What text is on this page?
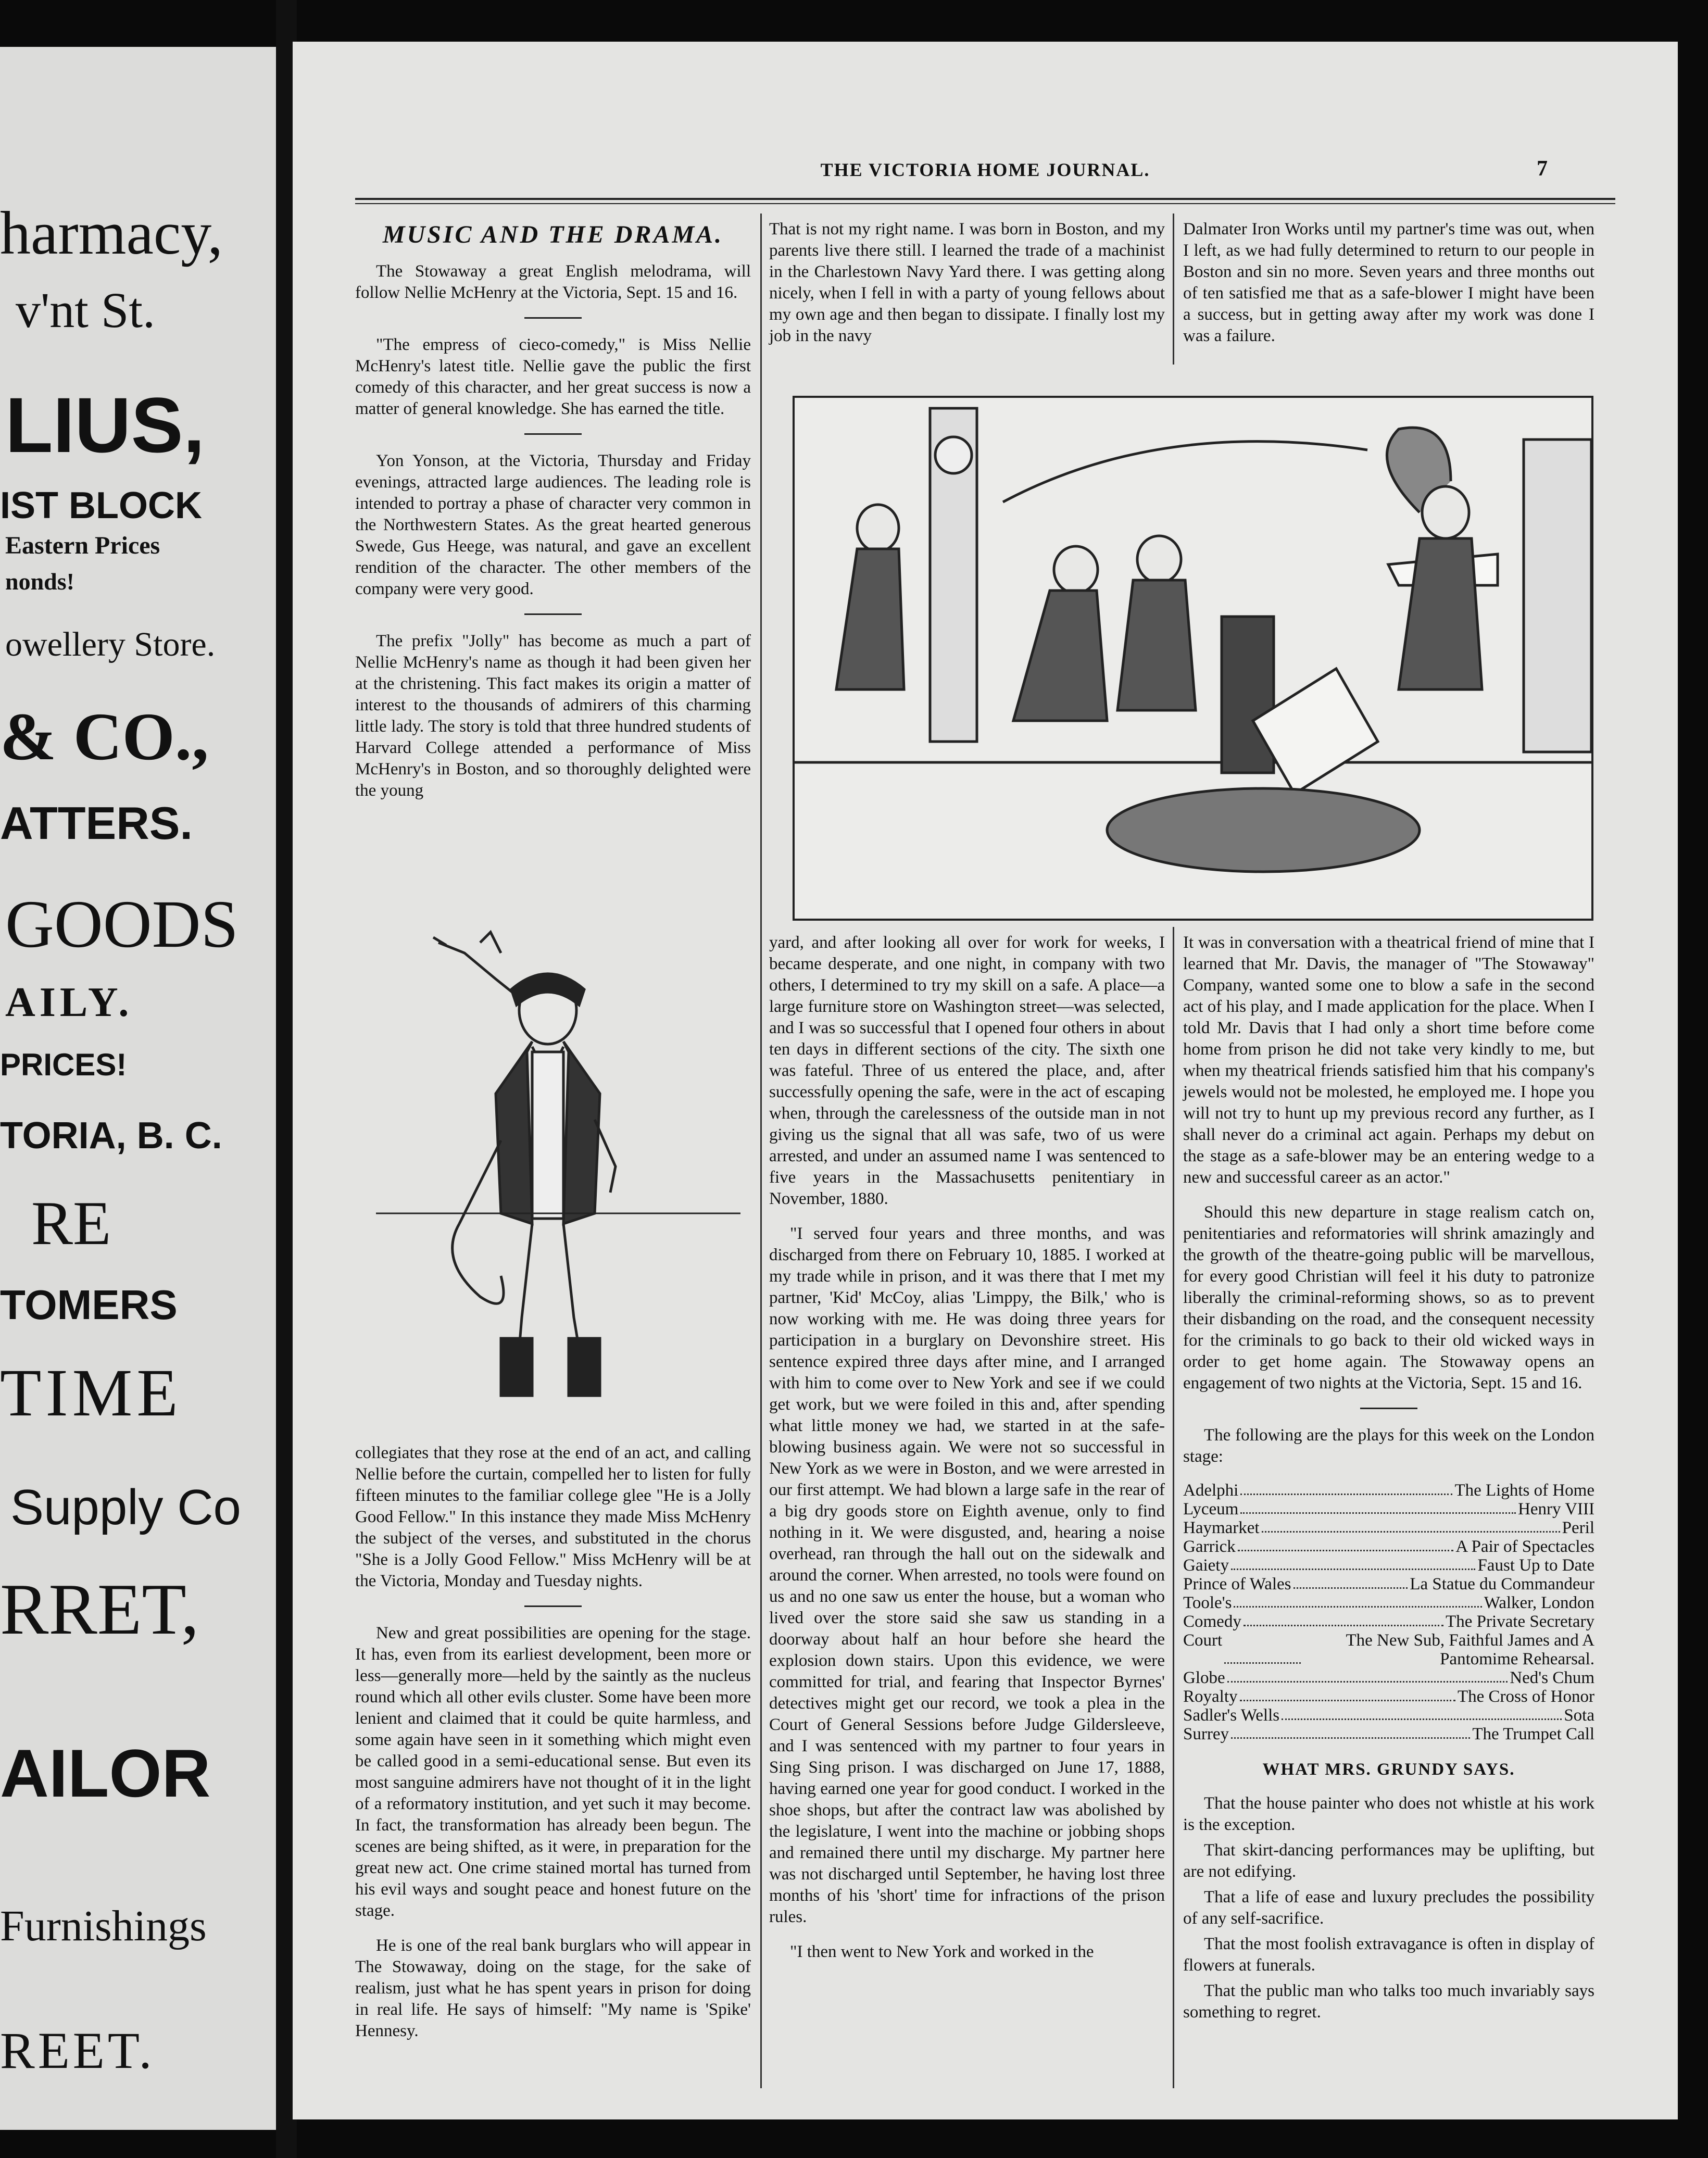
harmacy,
v'nt St.
LIUS,
IST BLOCK
Eastern Prices
nonds!
owellery Store.
& CO.,
ATTERS.
GOODS
AILY.
PRICES!
TORIA, B. C.
RE
TOMERS
TIME
Supply Co
RRET,
AILOR
Furnishings
REET.
THE VICTORIA HOME JOURNAL.	7
MUSIC AND THE DRAMA.

The Stowaway a great English melodrama, will follow Nellie McHenry at the Victoria, Sept. 15 and 16.

"The empress of cieco-comedy," is Miss Nellie McHenry's latest title. Nellie gave the public the first comedy of this character, and her great success is now a matter of general knowledge. She has earned the title.

Yon Yonson, at the Victoria, Thursday and Friday evenings, attracted large audiences. The leading role is intended to portray a phase of character very common in the Northwestern States. As the great hearted generous Swede, Gus Heege, was natural, and gave an excellent rendition of the character. The other members of the company were very good.

The prefix "Jolly" has become as much a part of Nellie McHenry's name as though it had been given her at the christening. This fact makes its origin a matter of interest to the thousands of admirers of this charming little lady. The story is told that three hundred students of Harvard College attended a performance of Miss McHenry's in Boston, and so thoroughly delighted were the young

collegiates that they rose at the end of an act, and calling Nellie before the curtain, compelled her to listen for fully fifteen minutes to the familiar college glee "He is a Jolly Good Fellow." In this instance they made Miss McHenry the subject of the verses, and substituted in the chorus "She is a Jolly Good Fellow." Miss McHenry will be at the Victoria, Monday and Tuesday nights.

New and great possibilities are opening for the stage. It has, even from its earliest development, been more or less—generally more—held by the saintly as the nucleus round which all other evils cluster. Some have been more lenient and claimed that it could be quite harmless, and some again have seen in it something which might even be called good in a semi-educational sense. But even its most sanguine admirers have not thought of it in the light of a reformatory institution, and yet such it may become. In fact, the transformation has already been begun. The scenes are being shifted, as it were, in preparation for the great new act. One crime stained mortal has turned from his evil ways and sought peace and honest future on the stage.

He is one of the real bank burglars who will appear in The Stowaway, doing on the stage, for the sake of realism, just what he has spent years in prison for doing in real life. He says of himself: "My name is 'Spike' Hennesy.

That is not my right name. I was born in Boston, and my parents live there still. I learned the trade of a machinist in the Charlestown Navy Yard there. I was getting along nicely, when I fell in with a party of young fellows about my own age and then began to dissipate. I finally lost my job in the navy

Dalmater Iron Works until my partner's time was out, when I left, as we had fully determined to return to our people in Boston and sin no more. Seven years and three months out of ten satisfied me that as a safe-blower I might have been a success, but in getting away after my work was done I was a failure.

yard, and after looking all over for work for weeks, I became desperate, and one night, in company with two others, I determined to try my skill on a safe. A place—a large furniture store on Washington street—was selected, and I was so successful that I opened four others in about ten days in different sections of the city. The sixth one was fateful. Three of us entered the place, and, after successfully opening the safe, were in the act of escaping when, through the carelessness of the outside man in not giving us the signal that all was safe, two of us were arrested, and under an assumed name I was sentenced to five years in the Massachusetts penitentiary in November, 1880.

"I served four years and three months, and was discharged from there on February 10, 1885. I worked at my trade while in prison, and it was there that I met my partner, 'Kid' McCoy, alias 'Limppy, the Bilk,' who is now working with me. He was doing three years for participation in a burglary on Devonshire street. His sentence expired three days after mine, and I arranged with him to come over to New York and see if we could get work, but we were foiled in this and, after spending what little money we had, we started in at the safe-blowing business again. We were not so successful in New York as we were in Boston, and we were arrested in our first attempt. We had blown a large safe in the rear of a big dry goods store on Eighth avenue, only to find nothing in it. We were disgusted, and, hearing a noise overhead, ran through the hall out on the sidewalk and around the corner. When arrested, no tools were found on us and no one saw us enter the house, but a woman who lived over the store said she saw us standing in a doorway about half an hour before she heard the explosion down stairs. Upon this evidence, we were committed for trial, and fearing that Inspector Byrnes' detectives might get our record, we took a plea in the Court of General Sessions before Judge Gildersleeve, and I was sentenced with my partner to four years in Sing Sing prison. I was discharged on June 17, 1888, having earned one year for good conduct. I worked in the shoe shops, but after the contract law was abolished by the legislature, I went into the machine or jobbing shops and remained there until my discharge. My partner here was not discharged until September, he having lost three months of his 'short' time for infractions of the prison rules.

"I then went to New York and worked in the

It was in conversation with a theatrical friend of mine that I learned that Mr. Davis, the manager of "The Stowaway" Company, wanted some one to blow a safe in the second act of his play, and I made application for the place. When I told Mr. Davis that I had only a short time before come home from prison he did not take very kindly to me, but when my theatrical friends satisfied him that his company's jewels would not be molested, he employed me. I hope you will not try to hunt up my previous record any further, as I shall never do a criminal act again. Perhaps my debut on the stage as a safe-blower may be an entering wedge to a new and successful career as an actor."

Should this new departure in stage realism catch on, penitentiaries and reformatories will shrink amazingly and the growth of the theatre-going public will be marvellous, for every good Christian will feel it his duty to patronize liberally the criminal-reforming shows, so as to prevent their disbanding on the road, and the consequent necessity for the criminals to go back to their old wicked ways in order to get home again. The Stowaway opens an engagement of two nights at the Victoria, Sept. 15 and 16.

The following are the plays for this week on the London stage:

Adelphi	The Lights of Home
Lyceum	Henry VIII
Haymarket	Peril
Garrick	A Pair of Spectacles
Gaiety	Faust Up to Date
Prince of Wales	La Statue du Commandeur
Toole's	Walker, London
Comedy	The Private Secretary
Court	The New Sub, Faithful James and A Pantomime Rehearsal.
Globe	Ned's Chum
Royalty	The Cross of Honor
Sadler's Wells	Sota
Surrey	The Trumpet Call
WHAT MRS. GRUNDY SAYS.

That the house painter who does not whistle at his work is the exception.

That skirt-dancing performances may be uplifting, but are not edifying.

That a life of ease and luxury precludes the possibility of any self-sacrifice.

That the most foolish extravagance is often in display of flowers at funerals.

That the public man who talks too much invariably says something to regret.
